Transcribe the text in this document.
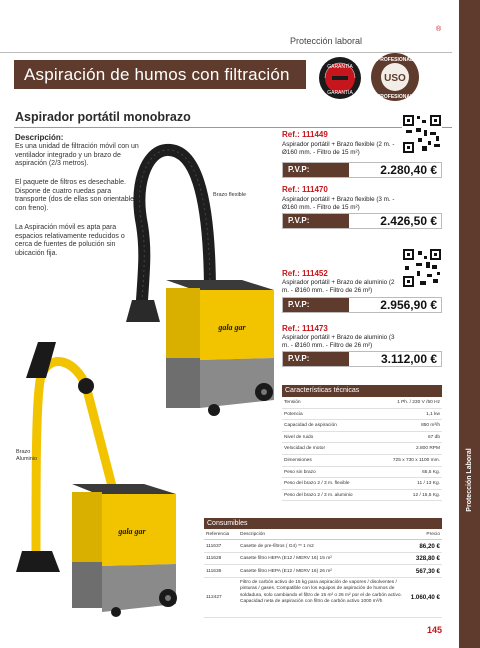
Protección Laboral
®
Protección laboral
Aspiración de humos con filtración	GARANTÍA
GARANTÍA
USO
PROFESIONAL
PROFESIONAL
Aspirador portátil monobrazo
Descripción:
Es una unidad de filtración móvil con un ventilador integrado y un brazo de aspiración (2/3 metros).
El paquete de filtros es desechable. Dispone de cuatro ruedas para transporte (dos de ellas son orientables con freno).
La Aspiración móvil es apta para espacios relativamente reducidos o cerca de fuentes de polución sin ubicación fija.
gala gar
Brazo flexible
gala gar
Brazo Aluminio
Ref.: 111449
Aspirador portátil + Brazo flexible (2 m. - Ø160 mm. - Filtro de 15 m²)
P.V.P:	2.280,40 €
Ref.: 111470
Aspirador portátil + Brazo flexible (3 m. - Ø160 mm. - Filtro de 15 m²)
P.V.P:	2.426,50 €
Ref.: 111452
Aspirador portátil + Brazo de aluminio (2 m. - Ø160 mm. - Filtro de 26 m²)
P.V.P:	2.956,90 €
Ref.: 111473
Aspirador portátil + Brazo de aluminio (3 m. - Ø160 mm. - Filtro de 26 m²)
P.V.P:	3.112,00 €
Características técnicas
Tensión	1 Ph. / 230 V /50 Hz
Potencia	1,1 kw
Capacidad de aspiración	850 m³/h
Nivel de ruido	67 db
Velocidad de motor	2.800 RPM
Dimensiones	725 x 730 x 1100 mm.
Peso sin brazo	65,5 Kg.
Peso del brazo 2 / 3 m. flexible	11 / 13 Kg.
Peso del brazo 2 / 3 m. aluminio	12 / 15,5 Kg.
Consumibles
Referencia Descripción	Precio
111637	Casette de pre-filtros ( G4) ** 1 m2	86,20 €
111628	Casette filtro HEPA (E12 / MERV 16) 15 m²	328,80 €
111636	Casette filtro HEPA (E12 / MERV 16) 26 m²	567,30 €
112427
Filtro de carbón activo de 15 kg para aspiración de vapores / disolventes / pinturas / gases. Compatible con los equipos de aspiración de humos de soldadura, solo cambiando el filtro de 15 m² o 26 m² por el de carbón activo. Capacidad neta de aspiración con filtro de carbón activo 1000 m³/h
1.060,40 €
145
